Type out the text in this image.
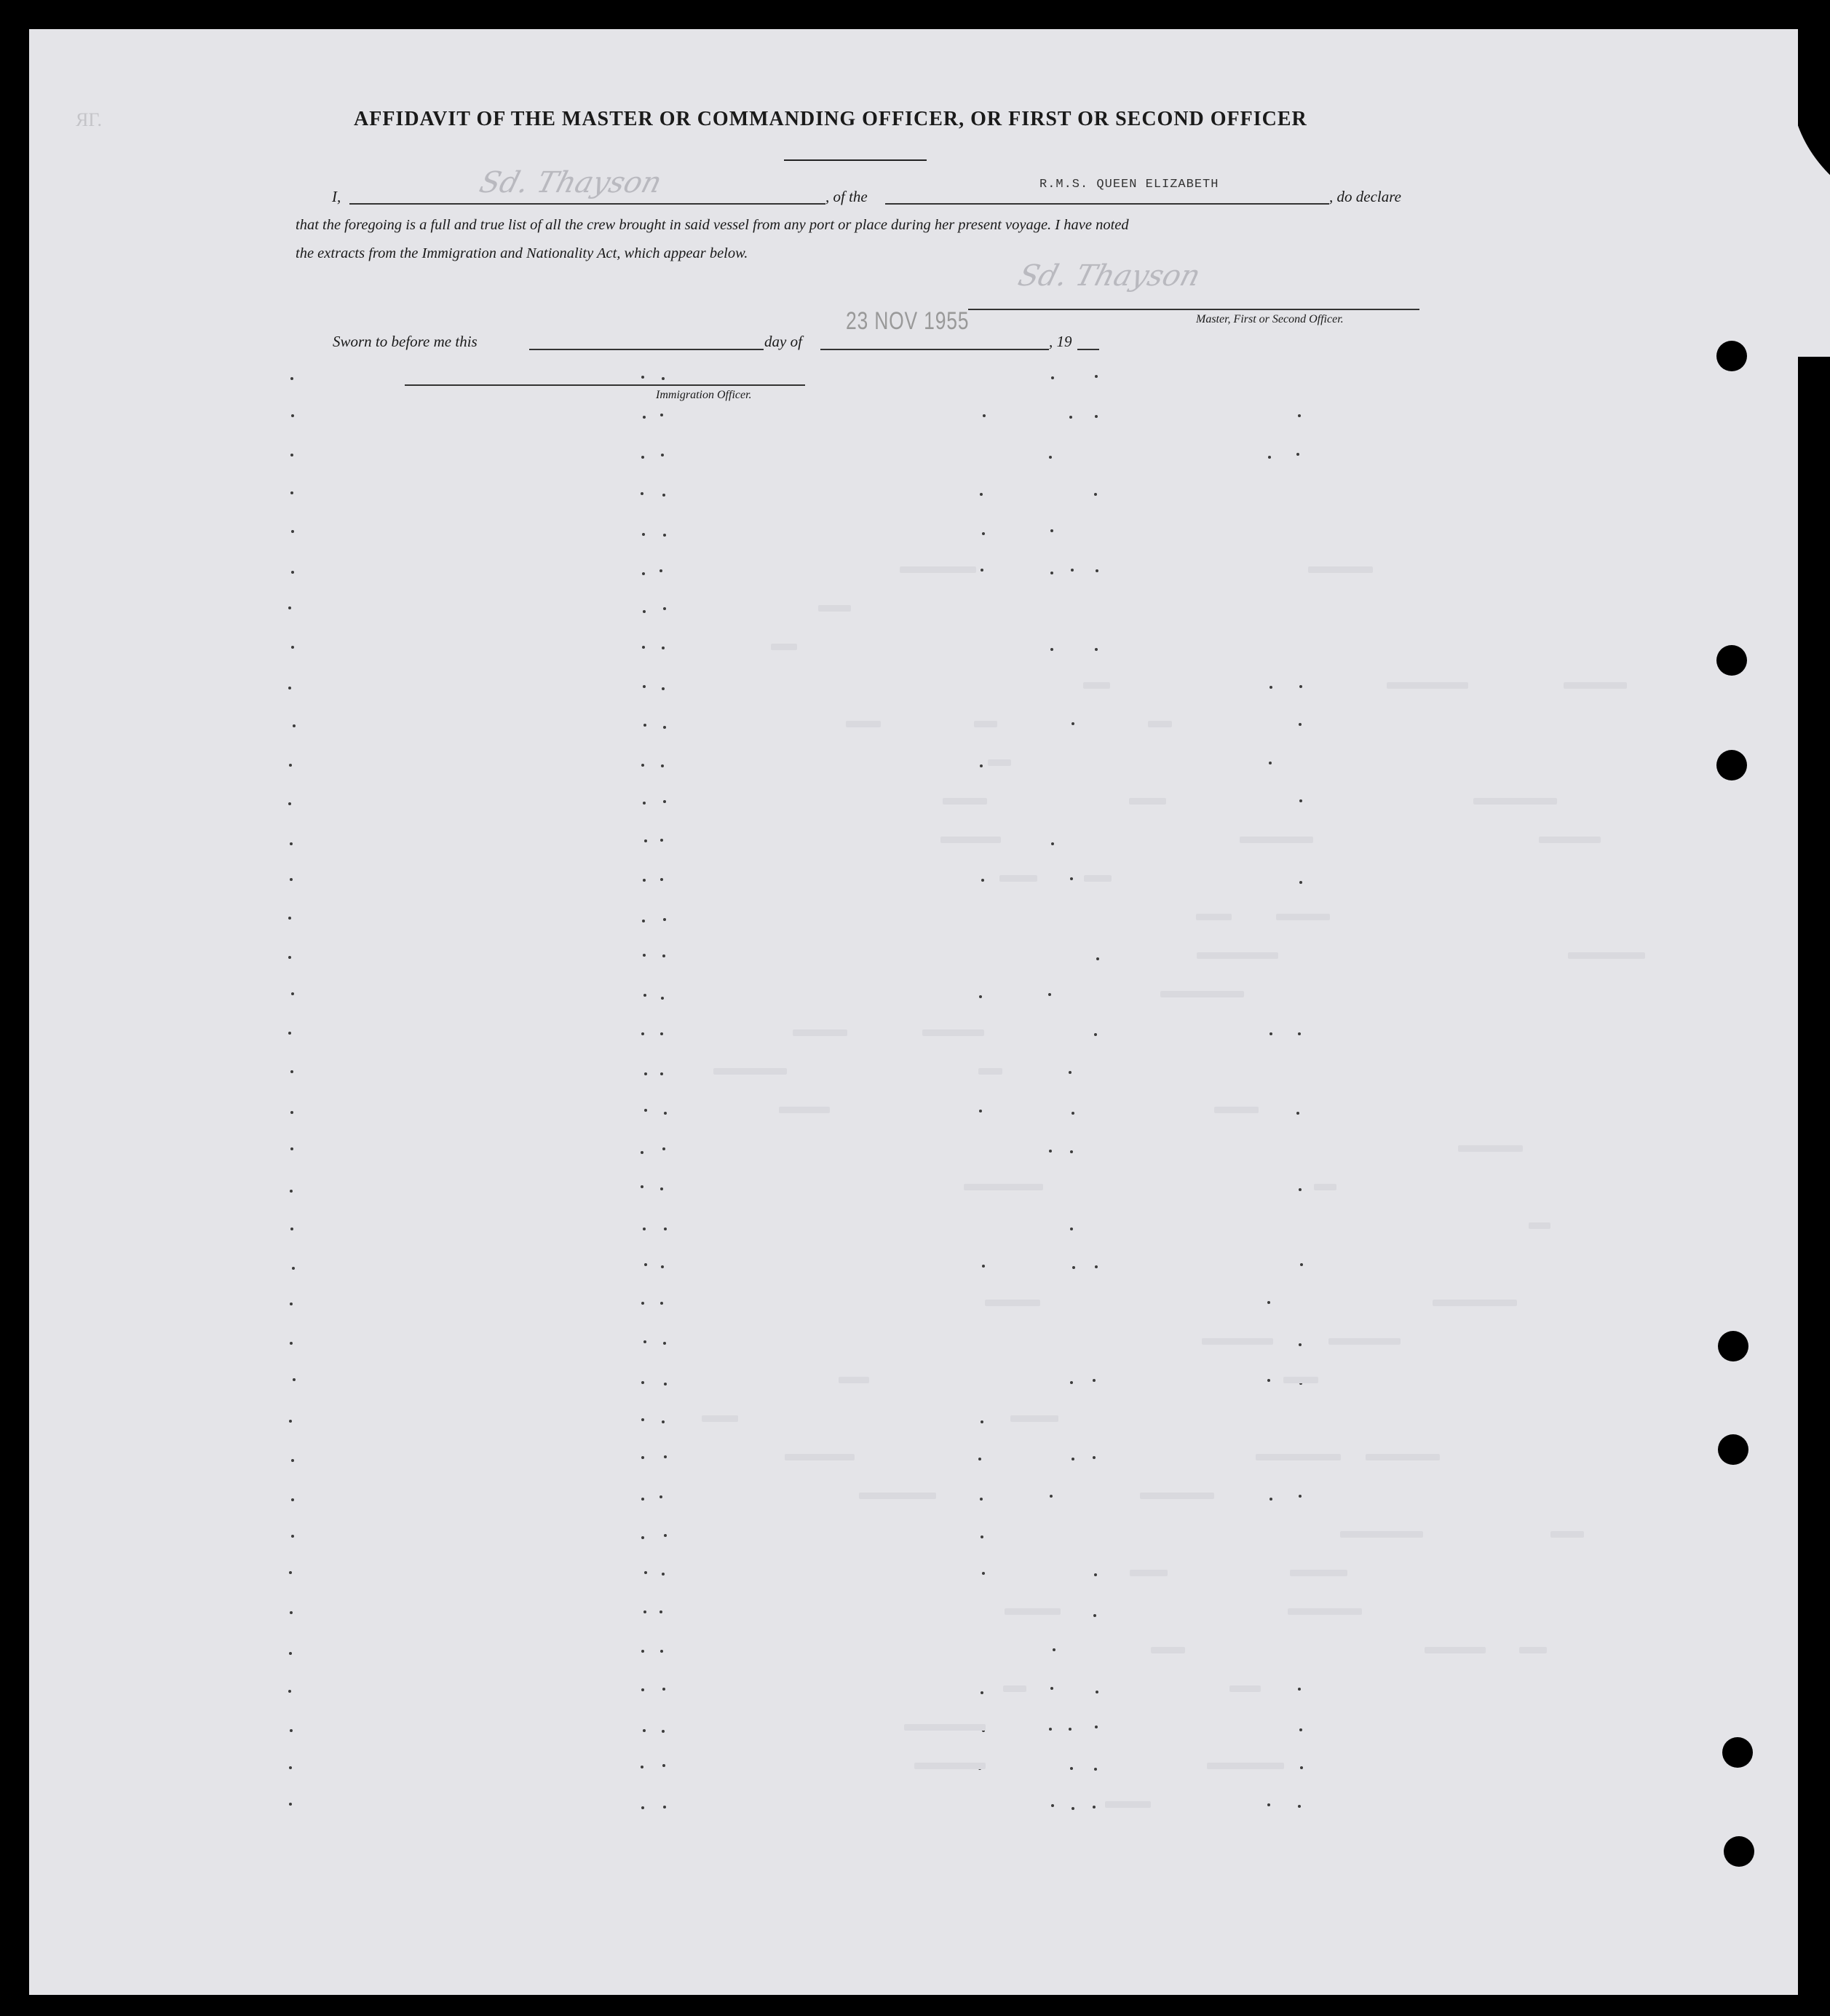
ЯГ.	AFFIDAVIT OF THE MASTER OR COMMANDING OFFICER, OR FIRST OR SECOND OFFICER
I,	Sd. Thayson	, of the
R.M.S. QUEEN ELIZABETH
, do declare
that the foregoing is a full and true list of all the crew brought in said vessel from any port or place during her present voyage. I have noted
the extracts from the Immigration and Nationality Act, which appear below.
Sd. Thayson
Master, First or Second Officer.
Sworn to before me this	day of
23 NOV 1955
, 19
Immigration Officer.
